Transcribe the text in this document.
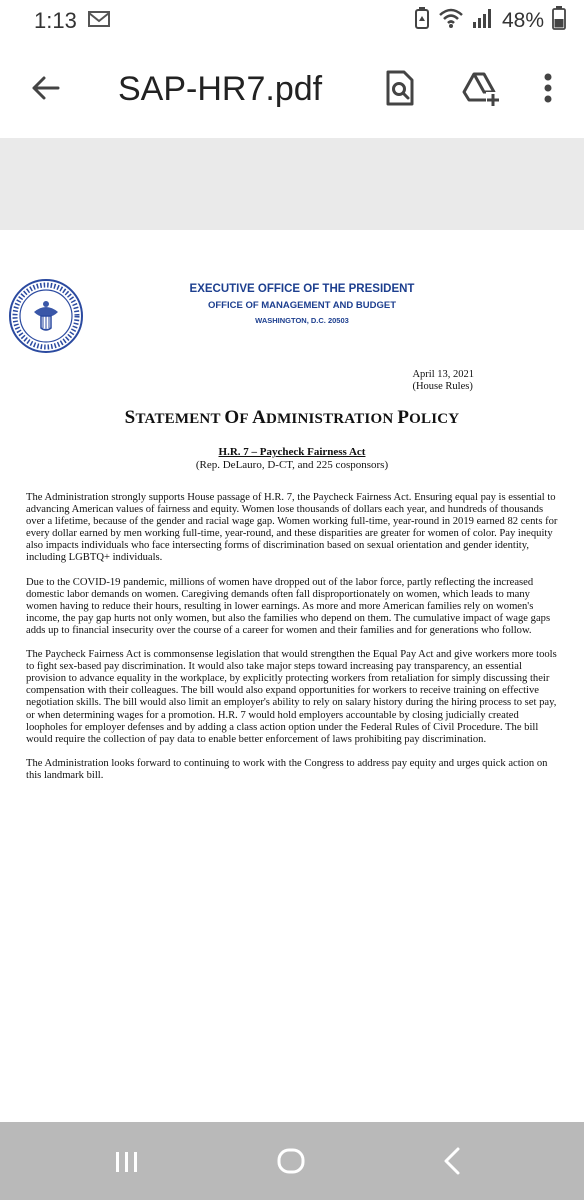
1:13	48%
SAP-HR7.pdf
EXECUTIVE OFFICE OF THE PRESIDENT
OFFICE OF MANAGEMENT AND BUDGET
WASHINGTON, D.C. 20503
April 13, 2021
(House Rules)
STATEMENT OF ADMINISTRATION POLICY
H.R. 7 – Paycheck Fairness Act
(Rep. DeLauro, D-CT, and 225 cosponsors)

The Administration strongly supports House passage of H.R. 7, the Paycheck Fairness Act. Ensuring equal pay is essential to advancing American values of fairness and equity. Women lose thousands of dollars each year, and hundreds of thousands over a lifetime, because of the gender and racial wage gap. Women working full-time, year-round in 2019 earned 82 cents for every dollar earned by men working full-time, year-round, and these disparities are greater for women of color. Pay inequity also impacts individuals who face intersecting forms of discrimination based on sexual orientation and gender identity, including LGBTQ+ individuals.

Due to the COVID-19 pandemic, millions of women have dropped out of the labor force, partly reflecting the increased domestic labor demands on women. Caregiving demands often fall disproportionately on women, which leads to many women having to reduce their hours, resulting in lower earnings. As more and more American families rely on women's income, the pay gap hurts not only women, but also the families who depend on them. The cumulative impact of wage gaps adds up to financial insecurity over the course of a career for women and their families and for generations who follow.

The Paycheck Fairness Act is commonsense legislation that would strengthen the Equal Pay Act and give workers more tools to fight sex-based pay discrimination. It would also take major steps toward increasing pay transparency, an essential provision to advance equality in the workplace, by explicitly protecting workers from retaliation for simply discussing their compensation with their colleagues. The bill would also expand opportunities for workers to receive training on effective negotiation skills. The bill would also limit an employer's ability to rely on salary history during the hiring process to set pay, or when determining wages for a promotion. H.R. 7 would hold employers accountable by closing judicially created loopholes for employer defenses and by adding a class action option under the Federal Rules of Civil Procedure. The bill would require the collection of pay data to enable better enforcement of laws prohibiting pay discrimination.

The Administration looks forward to continuing to work with the Congress to address pay equity and urges quick action on this landmark bill.
